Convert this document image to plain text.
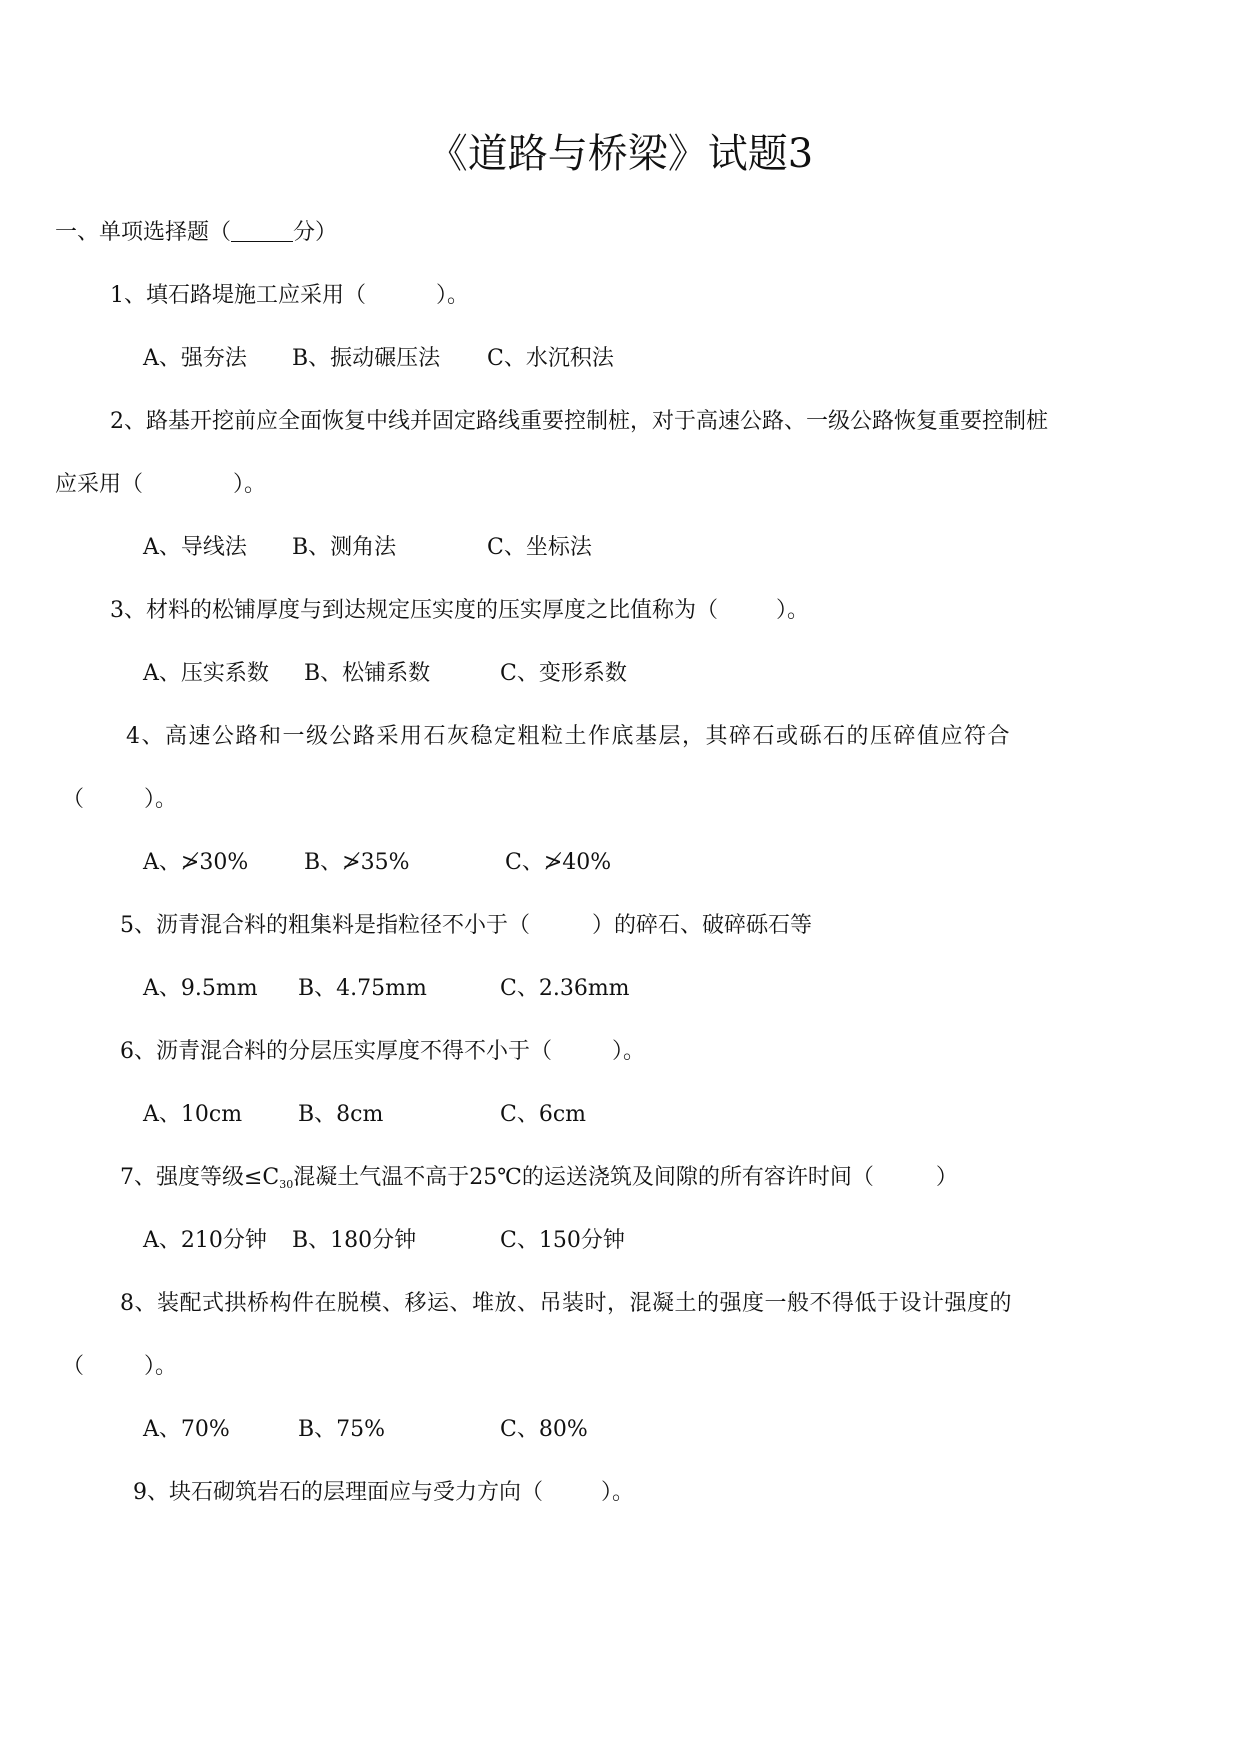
《道路与桥梁》试题3
一、单项选择题（	分）
1、填石路堤施工应采用（	）。
A、强夯法 B、振动碾压法 C、水沉积法
2、路基开挖前应全面恢复中线并固定路线重要控制桩，对于高速公路、一级公路恢复重要控制桩
应采用（	）。
A、导线法 B、测角法	C、坐标法
3、材料的松铺厚度与到达规定压实度的压实厚度之比值称为（	）。
A、压实系数 B、松铺系数	C、变形系数
4、高速公路和一级公路采用石灰稳定粗粒土作底基层，其碎石或砾石的压碎值应符合
（	）。
A、≯30%	B、≯35%	C、≯40%
5、沥青混合料的粗集料是指粒径不小于（	）的碎石、破碎砾石等
A、9.5mm B、4.75mm	C、2.36mm
6、沥青混合料的分层压实厚度不得不小于（	）。
A、10cm	B、8cm	C、6cm
7、强度等级$\le C_{30}$混凝土气温不高于25℃的运送浇筑及间隙的所有容许时间（	）
A、210分钟 B、180分钟	C、150分钟
8、装配式拱桥构件在脱模、移运、堆放、吊装时，混凝土的强度一般不得低于设计强度的
（	）。
A、70%	B、75%	C、80%
9、块石砌筑岩石的层理面应与受力方向（	）。
